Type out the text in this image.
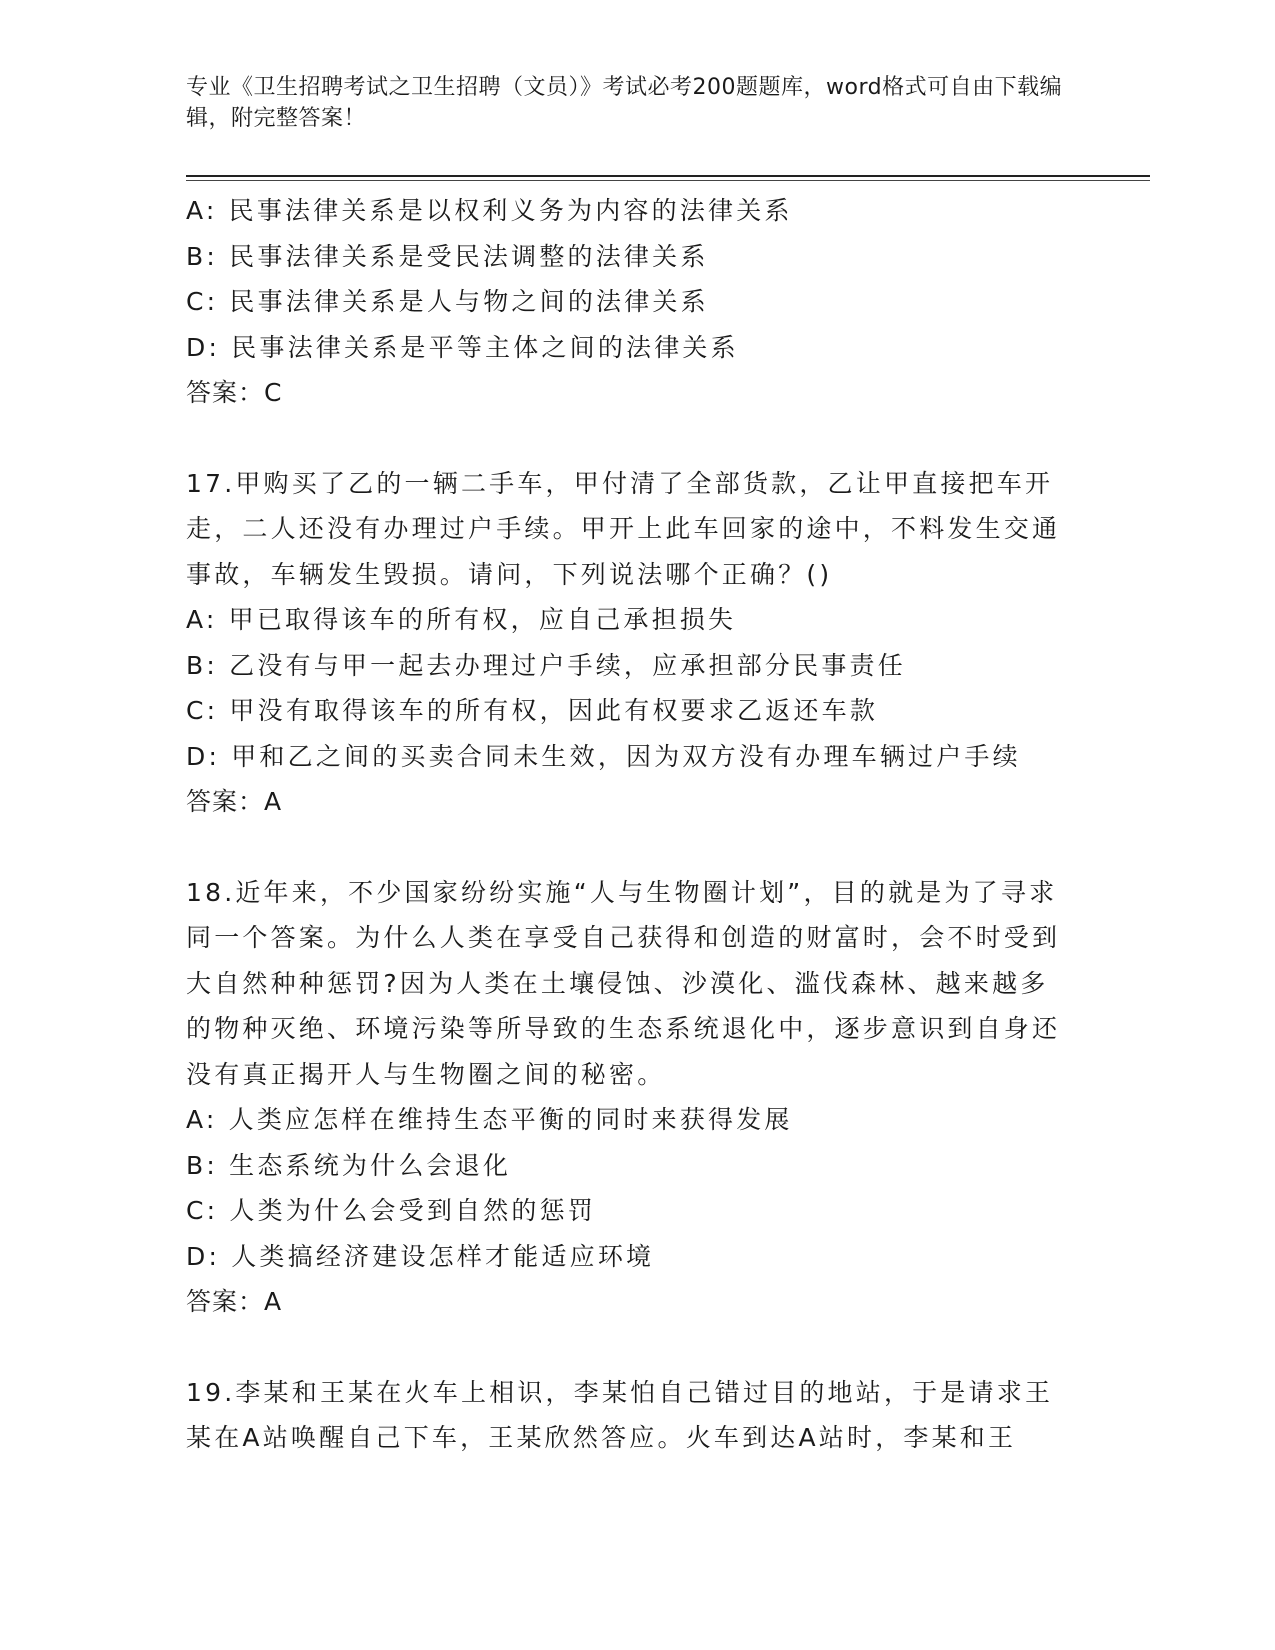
专业《卫生招聘考试之卫生招聘（文员）》考试必考200题题库，word格式可自由下载编辑，附完整答案！
A: 民事法律关系是以权利义务为内容的法律关系
B: 民事法律关系是受民法调整的法律关系
C: 民事法律关系是人与物之间的法律关系
D: 民事法律关系是平等主体之间的法律关系
答案：C
17.甲购买了乙的一辆二手车，甲付清了全部货款，乙让甲直接把车开走，二人还没有办理过户手续。甲开上此车回家的途中，不料发生交通事故，车辆发生毁损。请问，下列说法哪个正确？()
A: 甲已取得该车的所有权，应自己承担损失
B: 乙没有与甲一起去办理过户手续，应承担部分民事责任
C: 甲没有取得该车的所有权，因此有权要求乙返还车款
D: 甲和乙之间的买卖合同未生效，因为双方没有办理车辆过户手续
答案：A
18.近年来，不少国家纷纷实施“人与生物圈计划”，目的就是为了寻求同一个答案。为什么人类在享受自己获得和创造的财富时，会不时受到大自然种种惩罚?因为人类在土壤侵蚀、沙漠化、滥伐森林、越来越多的物种灭绝、环境污染等所导致的生态系统退化中，逐步意识到自身还没有真正揭开人与生物圈之间的秘密。
A: 人类应怎样在维持生态平衡的同时来获得发展
B: 生态系统为什么会退化
C: 人类为什么会受到自然的惩罚
D: 人类搞经济建设怎样才能适应环境
答案：A
19.李某和王某在火车上相识，李某怕自己错过目的地站，于是请求王某在A站唤醒自己下车，王某欣然答应。火车到达A站时，李某和王
